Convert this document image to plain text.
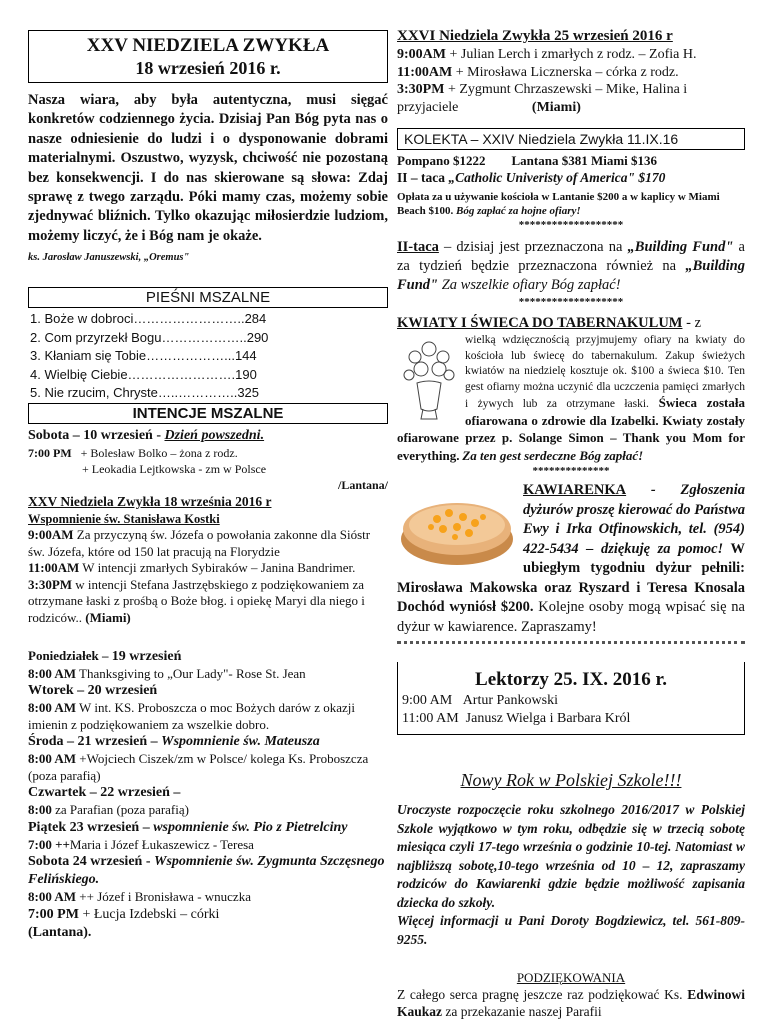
XXV NIEDZIELA ZWYKŁA
18 wrzesień 2016 r.
Nasza wiara, aby była autentyczna, musi sięgać konkretów codziennego życia. Dzisiaj Pan Bóg pyta nas o nasze odniesienie do ludzi i o dysponowanie dobrami materialnymi. Oszustwo, wyzysk, chciwość nie pozostaną bez konsekwencji. I do nas skierowane są słowa: Zdaj sprawę z twego zarządu. Póki mamy czas, możemy sobie zjednywać bliźnich. Tylko okazując miłosierdzie ludziom, możemy liczyć, że i Bóg nam je okaże.
ks. Jarosław Januszewski, „Oremus"
PIEŚNI MSZALNE
1. Boże w dobroci…………………….. 284
2. Com przyrzekł Bogu……………….. 290
3. Kłaniam się Tobie………………... 144
4. Wielbię Ciebie……………………. 190
5. Nie rzucim, Chryste…..………….. 325
INTENCJE MSZALNE
Sobota – 10 wrzesień - Dzień powszedni.
7:00 PM + Bolesław Bolko – żona z rodz.
+ Leokadia Lejtkowska - zm w Polsce
/Lantana/
XXV Niedziela Zwykła 18 września 2016 r
Wspomnienie św. Stanisława Kostki
9:00AM Za przyczyną św. Józefa o powołania zakonne dla Sióstr św. Józefa, które od 150 lat pracują na Florydzie
11:00AM W intencji zmarłych Sybiraków – Janina Bandrimer.
3:30PM w intencji Stefana Jastrzębskiego z podziękowaniem za otrzymane łaski z prośbą o Boże błog. i opiekę Maryi dla niego i rodziców.. (Miami)
Poniedziałek – 19 wrzesień
8:00 AM Thanksgiving to „Our Lady"- Rose St. Jean
Wtorek – 20 wrzesień
8:00 AM W int. KS. Proboszcza o moc Bożych darów z okazji imienin z podziękowaniem za wszelkie dobro.
Środa – 21 wrzesień – Wspomnienie św. Mateusza
8:00 AM +Wojciech Ciszek/zm w Polsce/ kolega Ks. Proboszcza (poza parafią)
Czwartek – 22 wrzesień –
8:00 za Parafian (poza parafią)
Piątek 23 wrzesień – wspomnienie św. Pio z Pietrelciny
7:00 ++Maria i Józef Łukaszewicz - Teresa
Sobota 24 wrzesień - Wspomnienie św. Zygmunta Szczęsnego Felińskiego.
8:00 AM ++ Józef i Bronisława - wnuczka
7:00 PM + Łucja Izdebski – córki
(Lantana).
XXVI Niedziela Zwykła 25 wrzesień 2016 r
9:00AM + Julian Lerch i zmarłych z rodz. – Zofia H.
11:00AM + Mirosława Licznerska – córka z rodz.
3:30PM + Zygmunt Chrzaszewski – Mike, Halina i przyjaciele	(Miami)
KOLEKTA – XXIV Niedziela Zwykła 11.IX.16
Pompano $1222 Lantana $381 Miami $136
II – taca „Catholic Univeristy of America" $170
Opłata za u używanie kościoła w Lantanie $200 a w kaplicy w Miami Beach $100. Bóg zapłać za hojne ofiary!
*******************
II-taca – dzisiaj jest przeznaczona na „Building Fund" a za tydzień będzie przeznaczona również na „Building Fund" Za wszelkie ofiary Bóg zapłać!
*******************
KWIATY I ŚWIECA DO TABERNAKULUM - z
wielką wdzięcznością przyjmujemy ofiary na kwiaty do kościoła lub świecę do tabernakulum. Zakup świeżych kwiatów na niedzielę kosztuje ok. $100 a świeca $10. Ten gest ofiarny można uczynić dla uczczenia pamięci zmarłych i żywych lub za otrzymane łaski. Świeca została ofiarowana o zdrowie dla Izabelki. Kwiaty zostały ofiarowane przez p. Solange Simon – Thank you Mom for everything. Za ten gest serdeczne Bóg zapłać!
**************
KAWIARENKA - Zgłoszenia dyżurów proszę kierować do Państwa Ewy i Irka Otfinowskich, tel. (954) 422-5434 – dziękuję za pomoc! W ubiegłym tygodniu dyżur pełnili: Mirosława Makowska oraz Ryszard i Teresa Knosala Dochód wyniósł $200. Kolejne osoby mogą wpisać się na dyżur w kawiarence. Zapraszamy!
Lektorzy 25. IX. 2016 r.
9:00 AM Artur Pankowski
11:00 AM Janusz Wielga i Barbara Król
Nowy Rok w Polskiej Szkole!!!
Uroczyste rozpoczęcie roku szkolnego 2016/2017 w Polskiej Szkole wyjątkowo w tym roku, odbędzie się w trzecią sobotę miesiąca czyli 17-tego września o godzinie 10-tej. Natomiast w najbliższą sobotę,10-tego września od 10 – 12, zapraszamy rodziców do Kawiarenki gdzie będzie możliwość zapisania dziecka do szkoły.
Więcej informacji u Pani Doroty Bogdziewicz, tel. 561-809-9255.
PODZIĘKOWANIA
Z całego serca pragnę jeszcze raz podziękować Ks. Edwinowi Kaukaz za przekazanie naszej Parafii
